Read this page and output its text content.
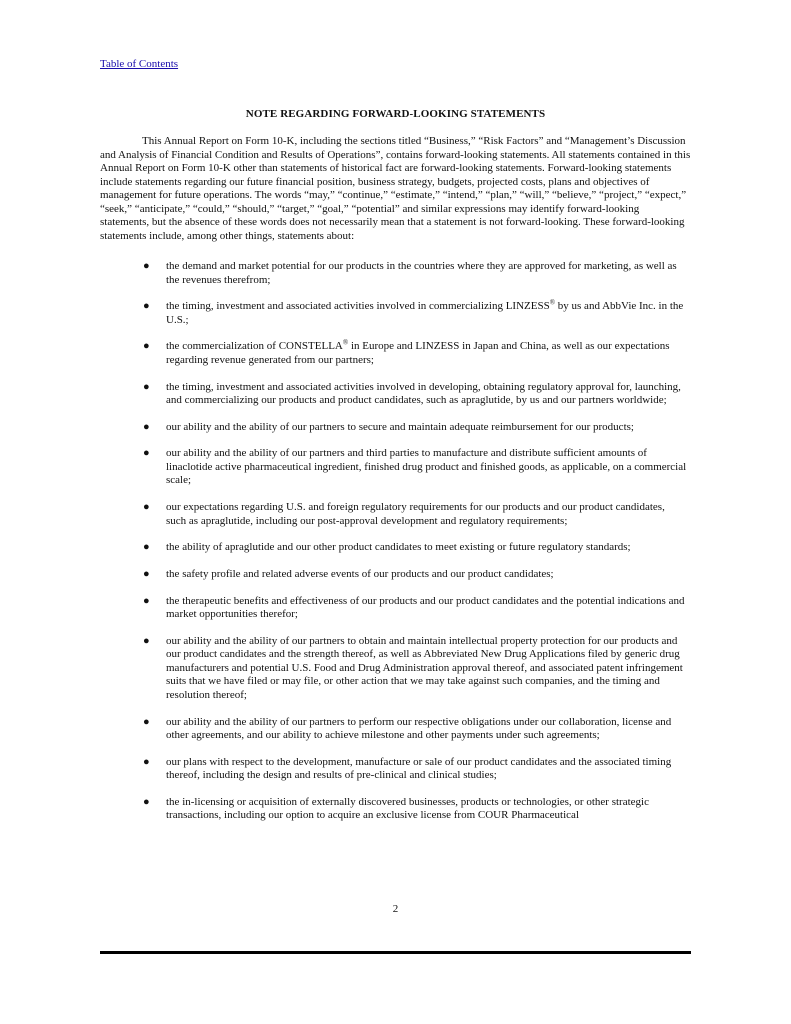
Table of Contents
NOTE REGARDING FORWARD-LOOKING STATEMENTS

This Annual Report on Form 10-K, including the sections titled “Business,” “Risk Factors” and “Management’s Discussion and Analysis of Financial Condition and Results of Operations”, contains forward-looking statements. All statements contained in this Annual Report on Form 10-K other than statements of historical fact are forward-looking statements. Forward-looking statements include statements regarding our future financial position, business strategy, budgets, projected costs, plans and objectives of management for future operations. The words “may,” “continue,” “estimate,” “intend,” “plan,” “will,” “believe,” “project,” “expect,” “seek,” “anticipate,” “could,” “should,” “target,” “goal,” “potential” and similar expressions may identify forward-looking statements, but the absence of these words does not necessarily mean that a statement is not forward-looking. These forward-looking statements include, among other things, statements about:

● the demand and market potential for our products in the countries where they are approved for marketing, as well as the revenues therefrom;
● the timing, investment and associated activities involved in commercializing LINZESS® by us and AbbVie Inc. in the U.S.;
● the commercialization of CONSTELLA® in Europe and LINZESS in Japan and China, as well as our expectations regarding revenue generated from our partners;
● the timing, investment and associated activities involved in developing, obtaining regulatory approval for, launching, and commercializing our products and product candidates, such as apraglutide, by us and our partners worldwide;
● our ability and the ability of our partners to secure and maintain adequate reimbursement for our products;
● our ability and the ability of our partners and third parties to manufacture and distribute sufficient amounts of linaclotide active pharmaceutical ingredient, finished drug product and finished goods, as applicable, on a commercial scale;
● our expectations regarding U.S. and foreign regulatory requirements for our products and our product candidates, such as apraglutide, including our post-approval development and regulatory requirements;
● the ability of apraglutide and our other product candidates to meet existing or future regulatory standards;
● the safety profile and related adverse events of our products and our product candidates;
● the therapeutic benefits and effectiveness of our products and our product candidates and the potential indications and market opportunities therefor;
● our ability and the ability of our partners to obtain and maintain intellectual property protection for our products and our product candidates and the strength thereof, as well as Abbreviated New Drug Applications filed by generic drug manufacturers and potential U.S. Food and Drug Administration approval thereof, and associated patent infringement suits that we have filed or may file, or other action that we may take against such companies, and the timing and resolution thereof;
● our ability and the ability of our partners to perform our respective obligations under our collaboration, license and other agreements, and our ability to achieve milestone and other payments under such agreements;
● our plans with respect to the development, manufacture or sale of our product candidates and the associated timing thereof, including the design and results of pre-clinical and clinical studies;
● the in-licensing or acquisition of externally discovered businesses, products or technologies, or other strategic transactions, including our option to acquire an exclusive license from COUR Pharmaceutical
2
